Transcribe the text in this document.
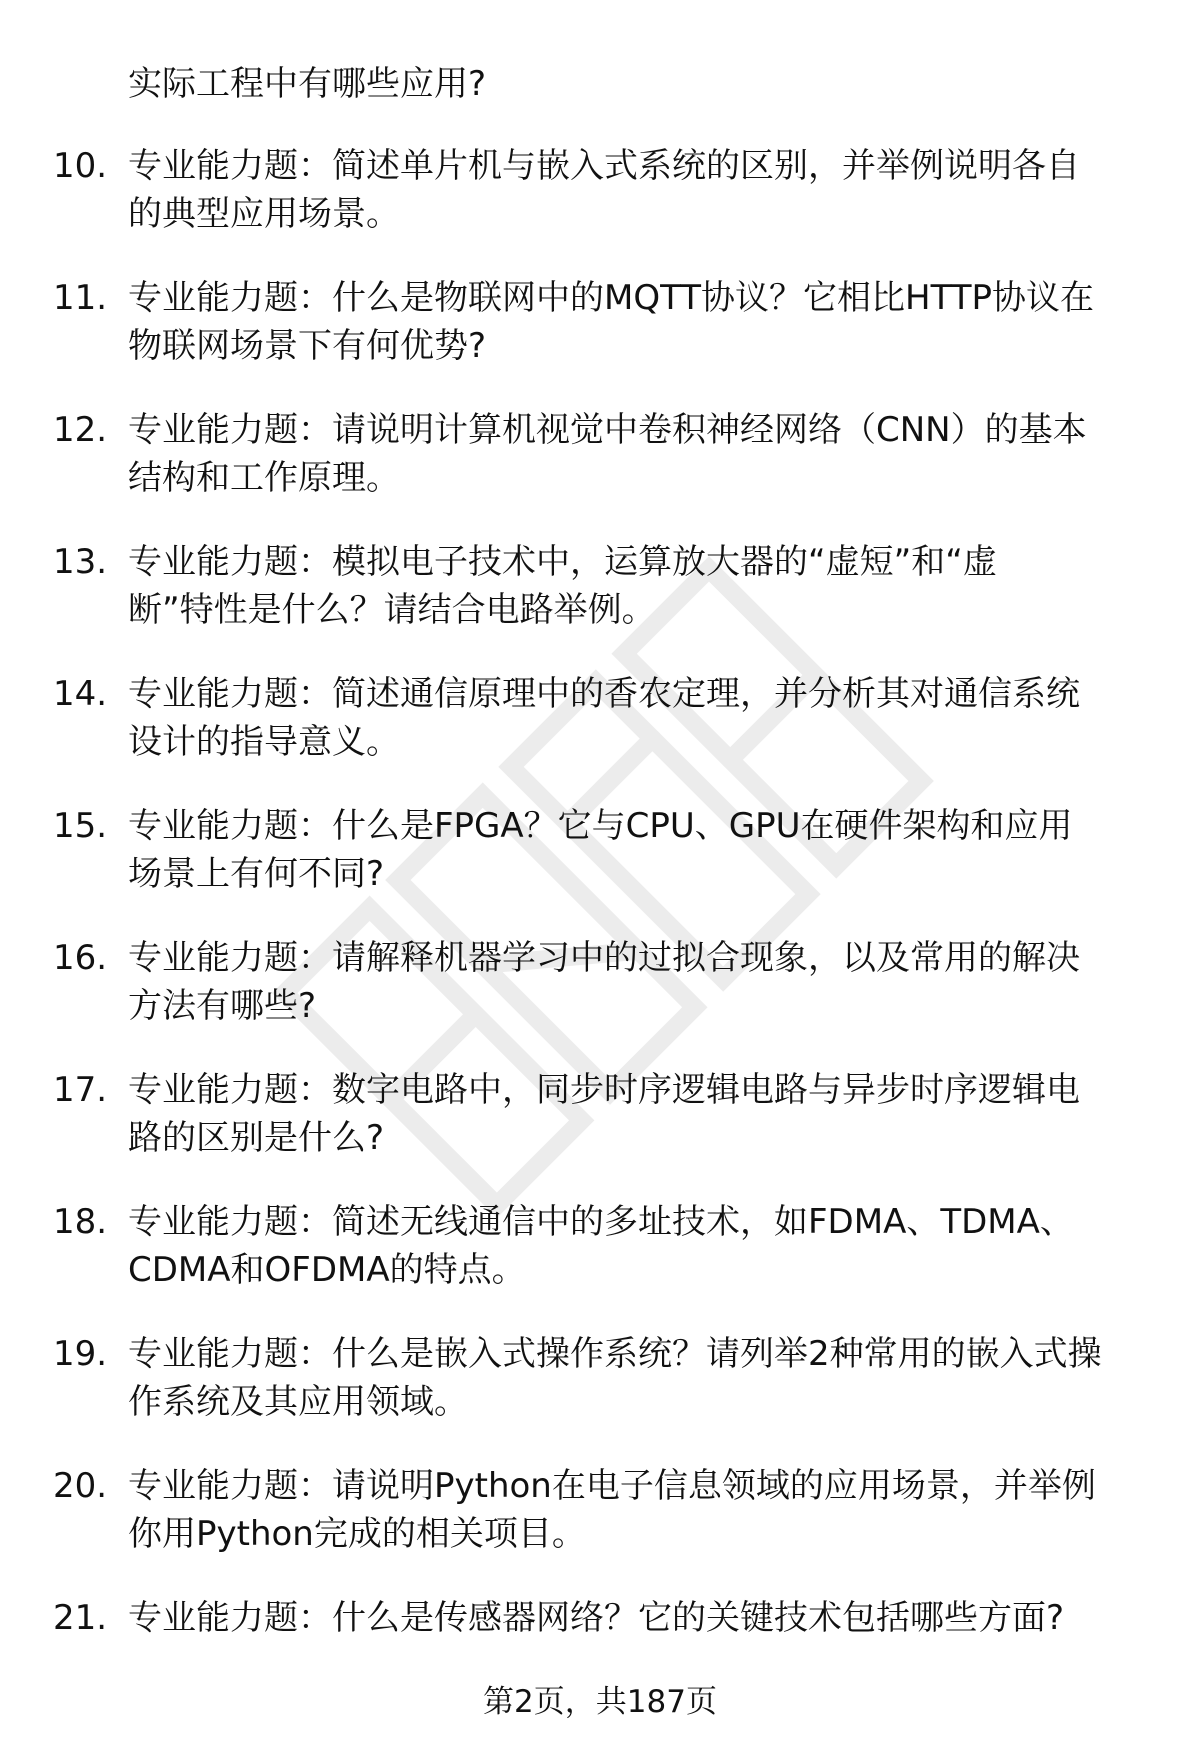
实际工程中有哪些应用?
10. 专业能力题：简述单片机与嵌入式系统的区别，并举例说明各自
的典型应用场景。
11. 专业能力题：什么是物联网中的MQTT协议？它相比HTTP协议在
物联网场景下有何优势?
12. 专业能力题：请说明计算机视觉中卷积神经网络（CNN）的基本
结构和工作原理。
13. 专业能力题：模拟电子技术中，运算放大器的“虚短”和“虚
断”特性是什么？请结合电路举例。
14. 专业能力题：简述通信原理中的香农定理，并分析其对通信系统
设计的指导意义。
15. 专业能力题：什么是FPGA？它与CPU、GPU在硬件架构和应用
场景上有何不同?
16. 专业能力题：请解释机器学习中的过拟合现象，以及常用的解决
方法有哪些?
17. 专业能力题：数字电路中，同步时序逻辑电路与异步时序逻辑电
路的区别是什么?
18. 专业能力题：简述无线通信中的多址技术，如FDMA、TDMA、
CDMA和OFDMA的特点。
19. 专业能力题：什么是嵌入式操作系统？请列举2种常用的嵌入式操
作系统及其应用领域。
20. 专业能力题：请说明Python在电子信息领域的应用场景，并举例
你用Python完成的相关项目。
21. 专业能力题：什么是传感器网络？它的关键技术包括哪些方面?
第2页，共187页
